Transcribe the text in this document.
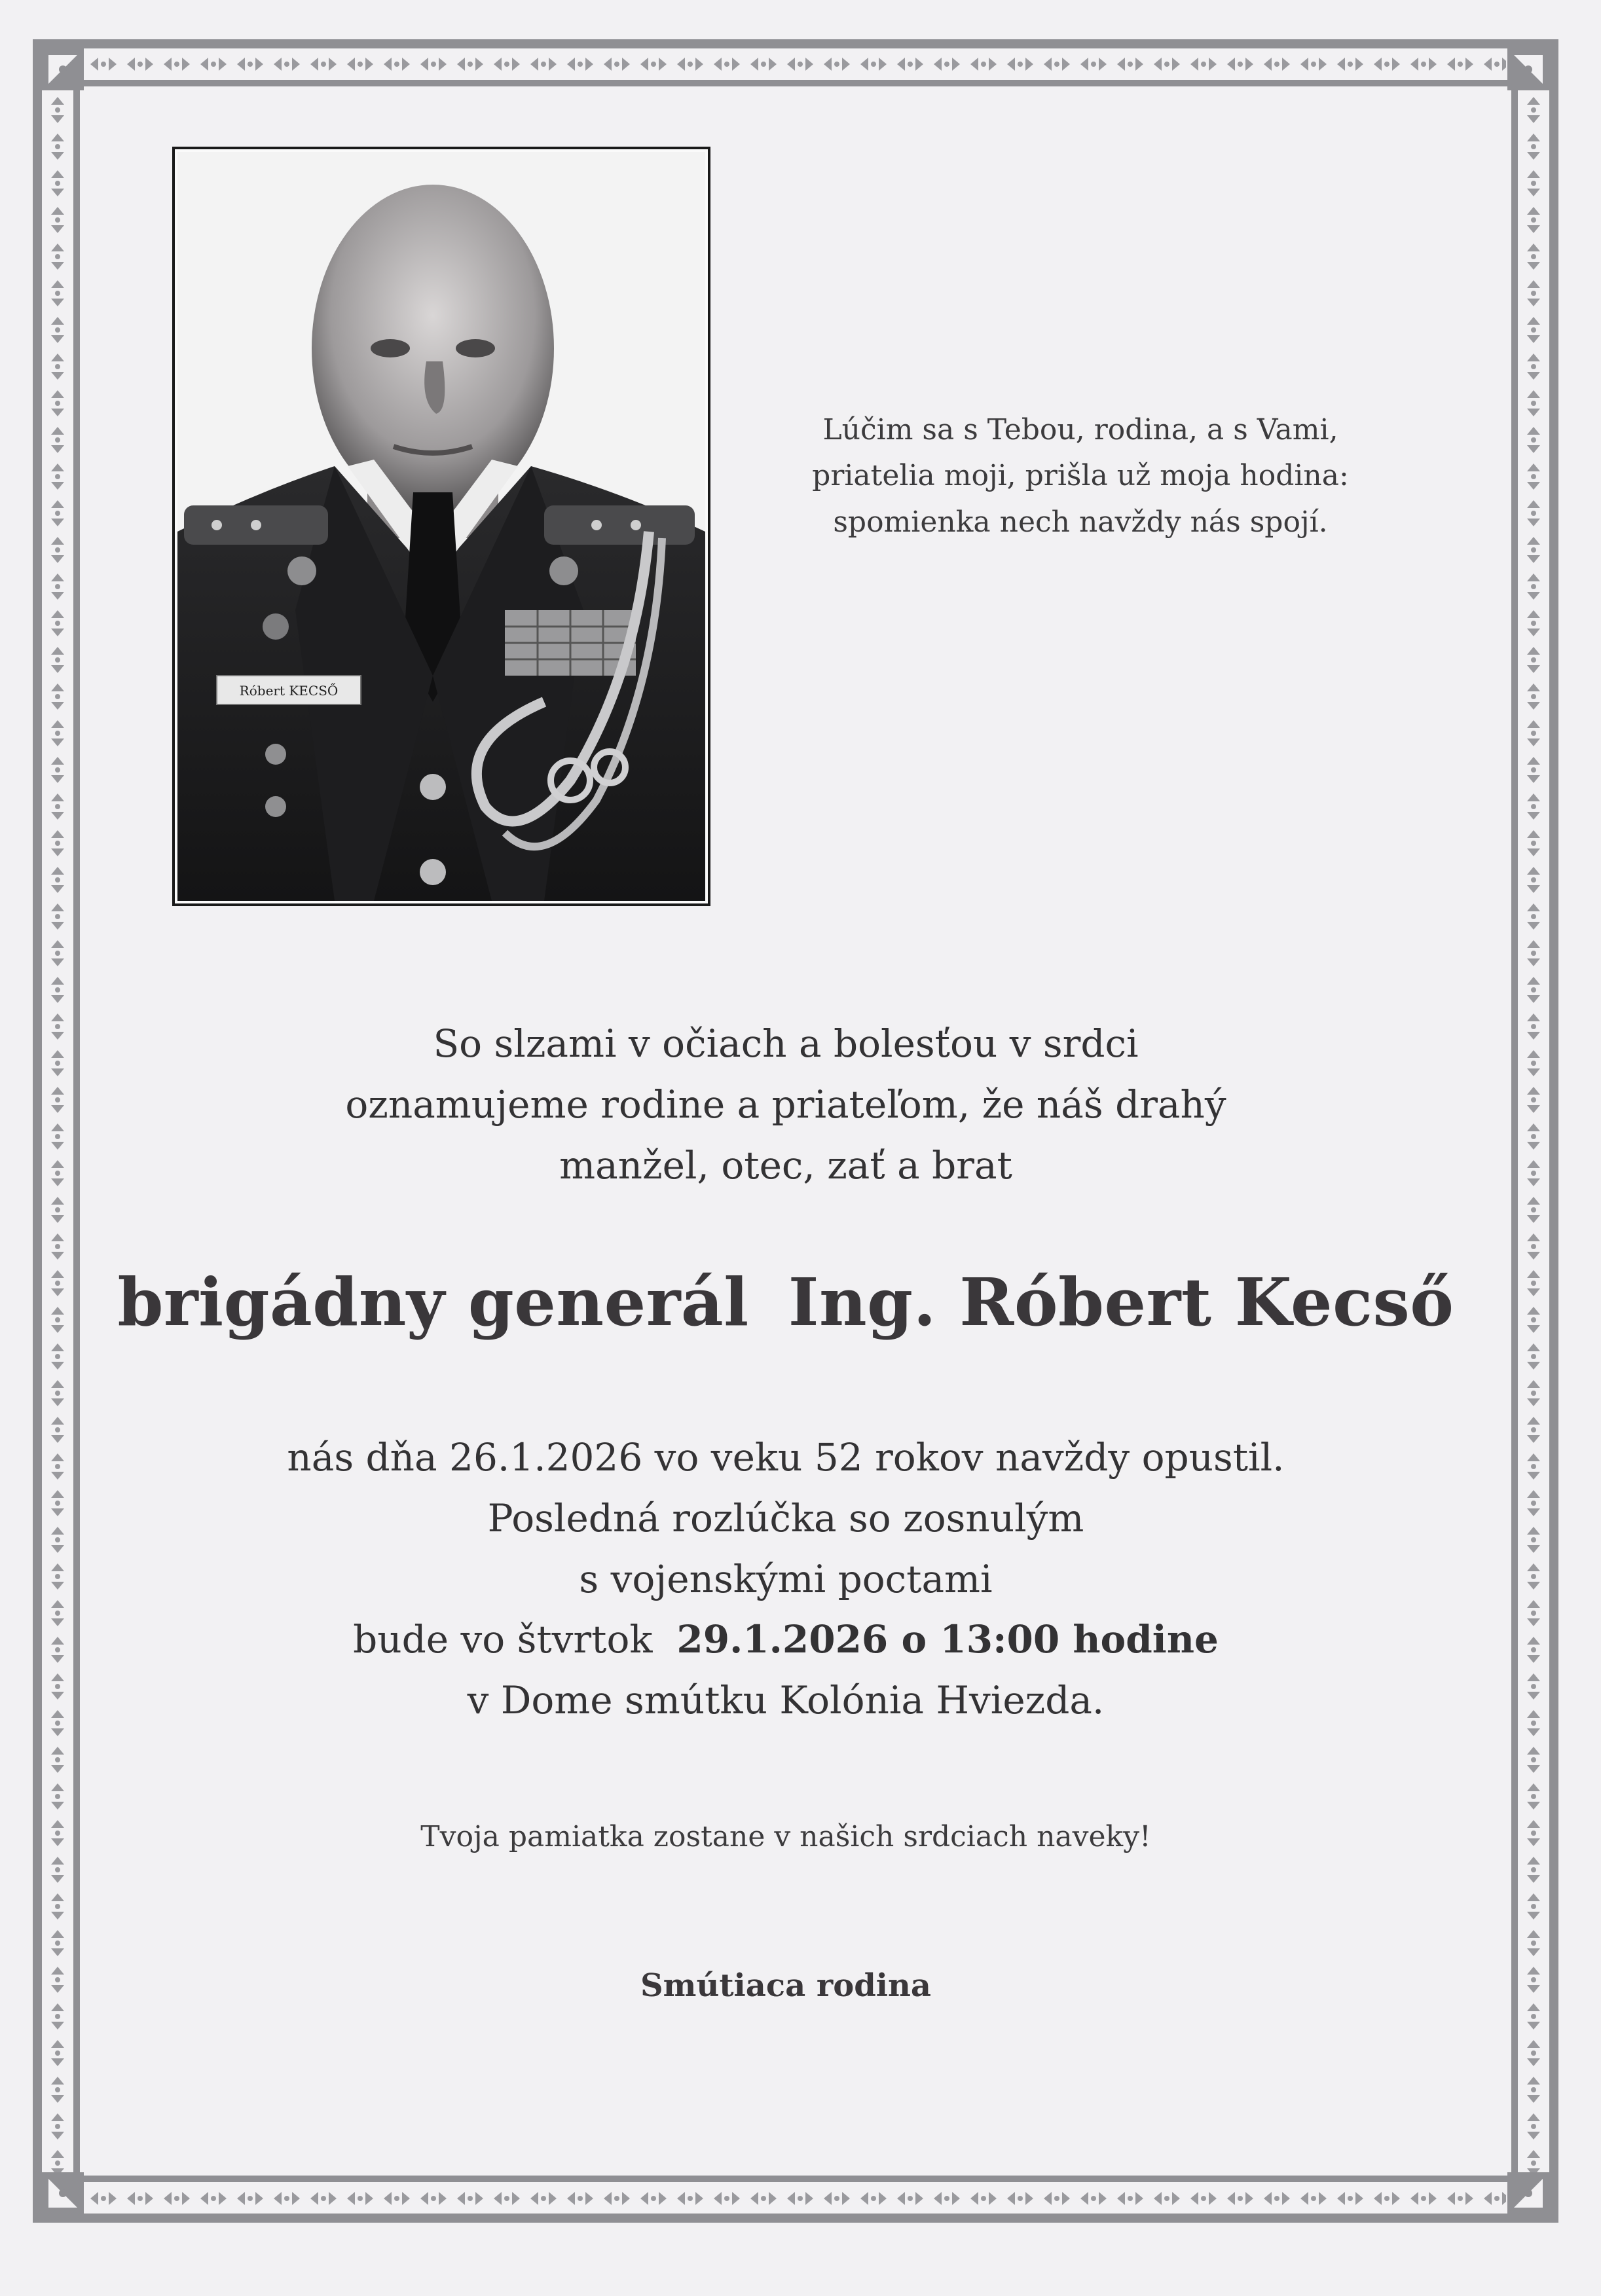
Róbert KECSŐ
Lúčim sa s Tebou, rodina, a s Vami,
priatelia moji, prišla už moja hodina:
spomienka nech navždy nás spojí.
So slzami v očiach a bolesťou v srdci
oznamujeme rodine a priateľom, že náš drahý
manžel, otec, zať a brat
brigádny generál Ing. Róbert Kecső
nás dňa 26.1.2026 vo veku 52 rokov navždy opustil.
Posledná rozlúčka so zosnulým
s vojenskými poctami
bude vo štvrtok 29.1.2026 o 13:00 hodine
v Dome smútku Kolónia Hviezda.
Tvoja pamiatka zostane v našich srdciach naveky!
Smútiaca rodina
